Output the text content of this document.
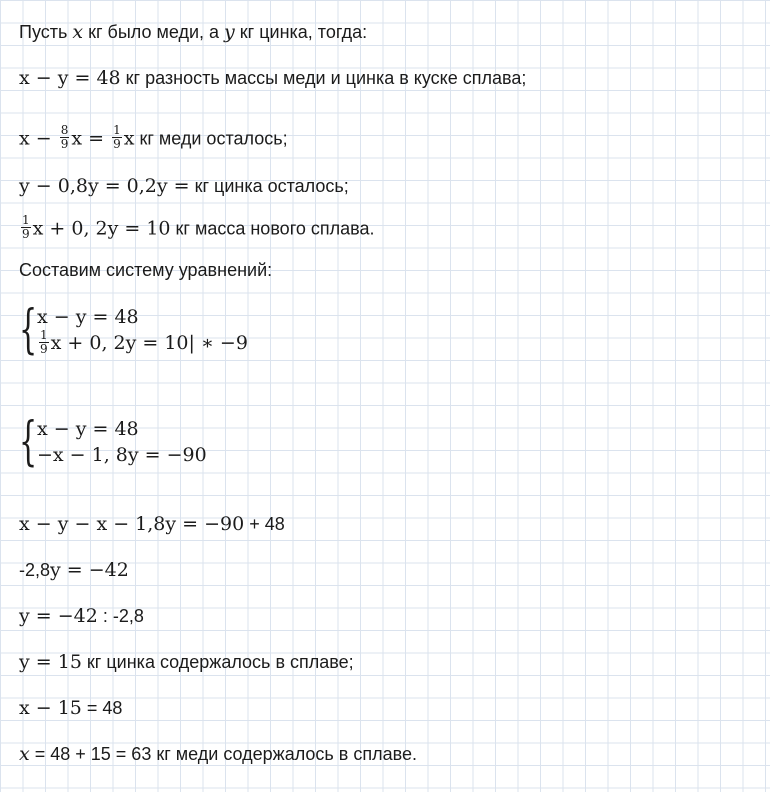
Пусть x кг было меди, а y кг цинка, тогда:
x − y = 48 кг разность массы меди и цинка в куске сплава;
$x - \frac{8}{9}$ $x = \frac{1}{9}$ x кг меди осталось;
y − 0,8y = 0,2y = кг цинка осталось;
$\frac{1}{9}$ x + 0, 2y = 10 кг масса нового сплава.
Составим систему уравнений:
{ x − y = 48
$\frac{1}{9}$ x + 0, 2y = 10| ∗ −9
{ x − y = 48
−x − 1, 8y = −90
x − y − x − 1,8y = −90 + 48
-2,8y = −42
y = −42 : -2,8
y = 15 кг цинка содержалось в сплаве;
x − 15 = 48
x = 48 + 15 = 63 кг меди содержалось в сплаве.
